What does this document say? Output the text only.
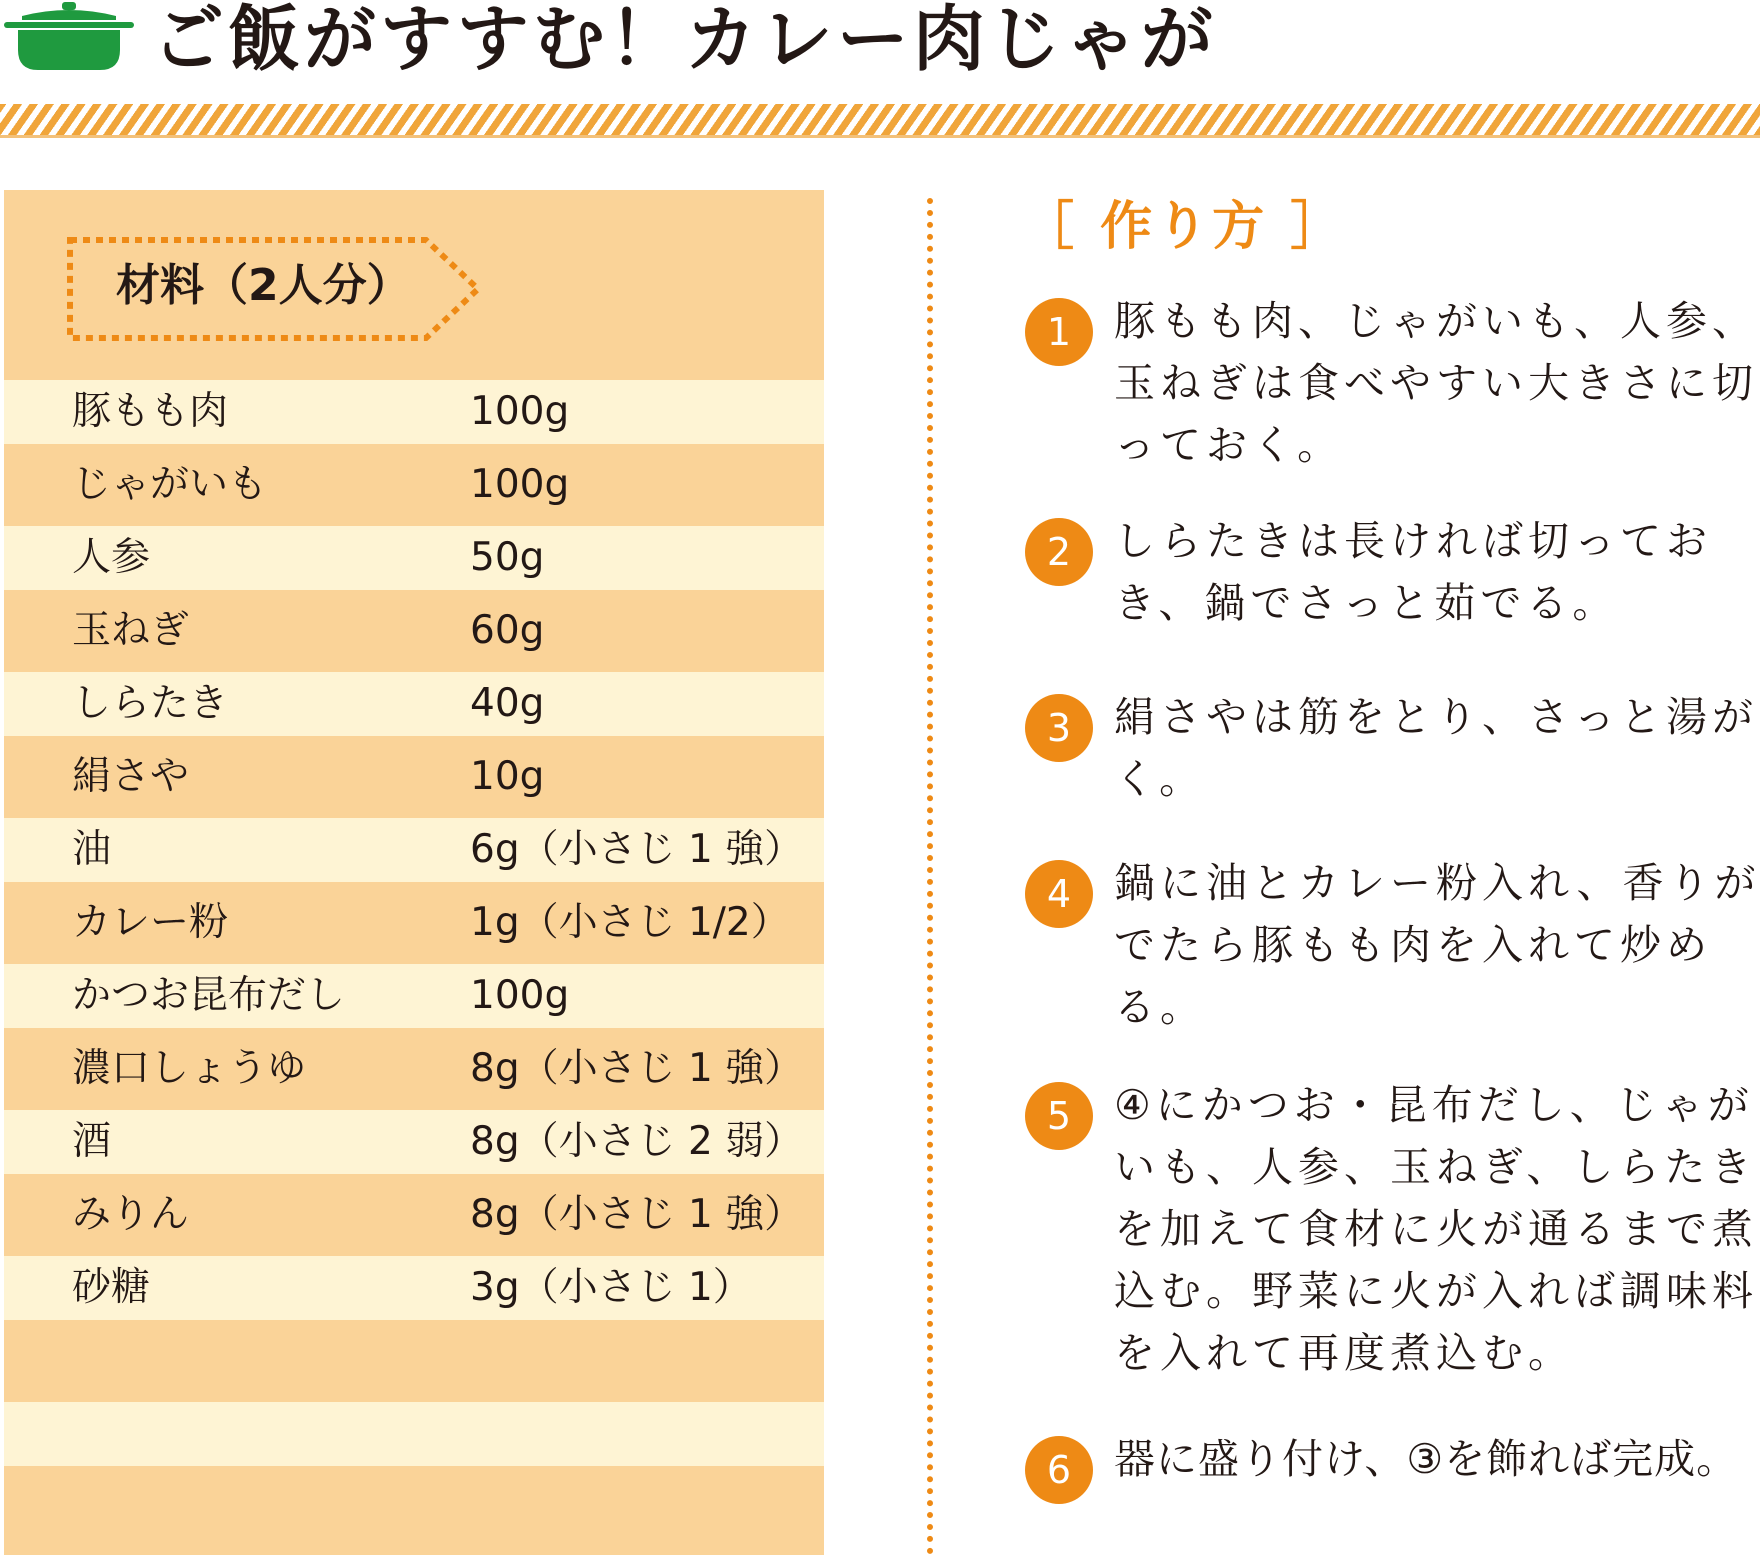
ご飯がすすむ！カレー肉じゃが
材料（2人分）
豚もも肉	100g
じゃがいも	100g
人参	50g
玉ねぎ	60g
しらたき	40g
絹さや	10g
油	6g（小さじ 1 強）
カレー粉	1g（小さじ 1/2）
かつお昆布だし	100g
濃口しょうゆ	8g（小さじ 1 強）
酒	8g（小さじ 2 弱）
みりん	8g（小さじ 1 強）
砂糖	3g（小さじ 1）
［ 作り方 ］
1	豚もも肉、じゃがいも、人参、玉ねぎは食べやすい大きさに切っておく。

2	しらたきは長ければ切っておき、鍋でさっと茹でる。

3	絹さやは筋をとり、さっと湯がく。

4	鍋に油とカレー粉入れ、香りがでたら豚もも肉を入れて炒める。

5	④にかつお・昆布だし、じゃがいも、人参、玉ねぎ、しらたきを加えて食材に火が通るまで煮込む。野菜に火が入れば調味料を入れて再度煮込む。

6	器に盛り付け、③を飾れば完成。
